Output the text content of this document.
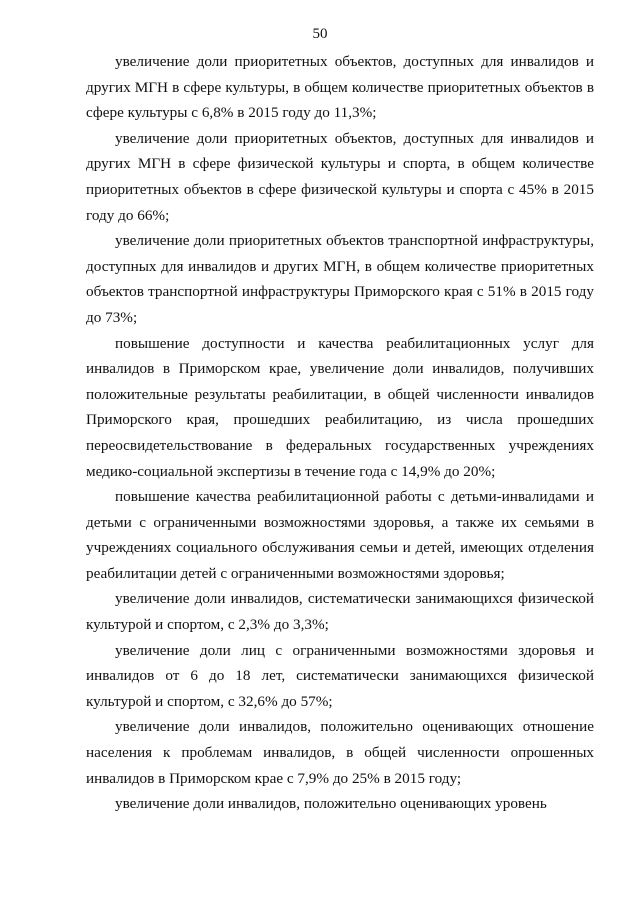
50

увеличение доли приоритетных объектов, доступных для инвалидов и других МГН в сфере культуры, в общем количестве приоритетных объектов в сфере культуры с 6,8% в 2015 году до 11,3%;

увеличение доли приоритетных объектов, доступных для инвалидов и других МГН в сфере физической культуры и спорта, в общем количестве приоритетных объектов в сфере физической культуры и спорта с 45% в 2015 году до 66%;

увеличение доли приоритетных объектов транспортной инфраструктуры, доступных для инвалидов и других МГН, в общем количестве приоритетных объектов транспортной инфраструктуры Приморского края с 51% в 2015 году до 73%;

повышение доступности и качества реабилитационных услуг для инвалидов в Приморском крае, увеличение доли инвалидов, получивших положительные результаты реабилитации, в общей численности инвалидов Приморского края, прошедших реабилитацию, из числа прошедших переосвидетельствование в федеральных государственных учреждениях медико-социальной экспертизы в течение года с 14,9% до 20%;

повышение качества реабилитационной работы с детьми-инвалидами и детьми с ограниченными возможностями здоровья, а также их семьями в учреждениях социального обслуживания семьи и детей, имеющих отделения реабилитации детей с ограниченными возможностями здоровья;

увеличение доли инвалидов, систематически занимающихся физической культурой и спортом, с 2,3% до 3,3%;

увеличение доли лиц с ограниченными возможностями здоровья и инвалидов от 6 до 18 лет, систематически занимающихся физической культурой и спортом, с 32,6% до 57%;

увеличение доли инвалидов, положительно оценивающих отношение населения к проблемам инвалидов, в общей численности опрошенных инвалидов в Приморском крае с 7,9% до 25% в 2015 году;

увеличение доли инвалидов, положительно оценивающих уровень
